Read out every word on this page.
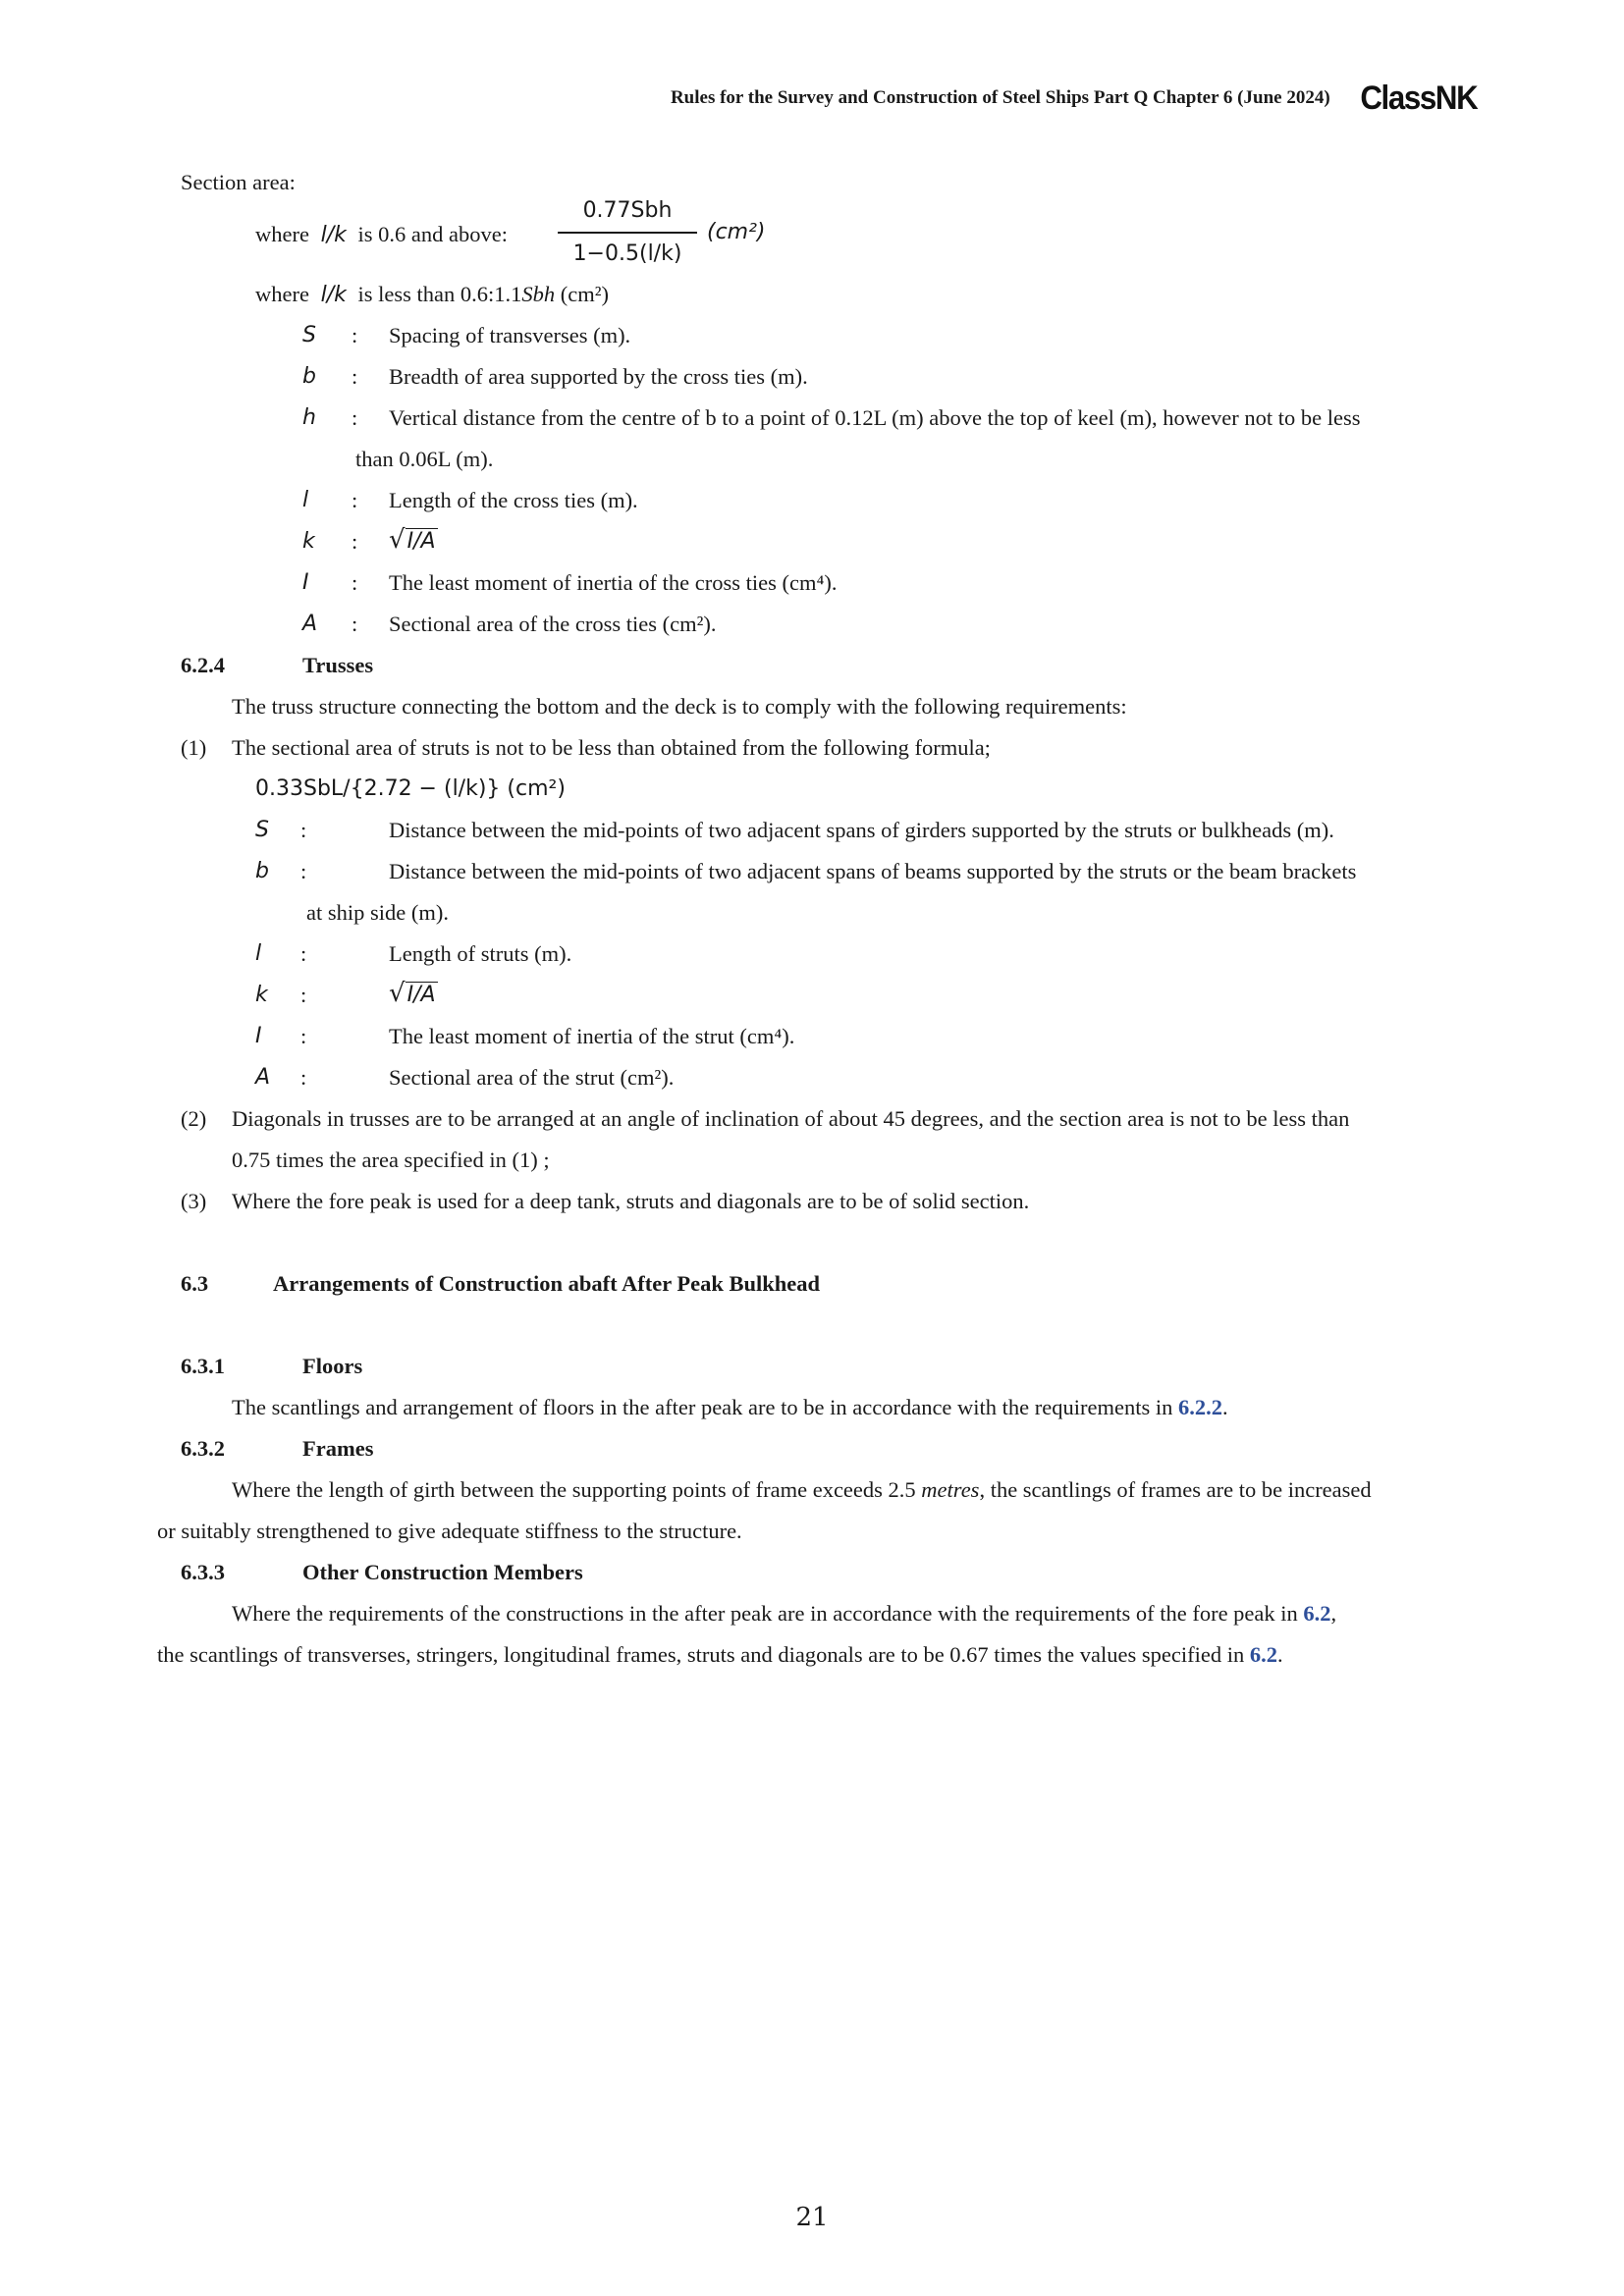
Rules for the Survey and Construction of Steel Ships Part Q Chapter 6 (June 2024) ClassNK
Section area:
where l/k is 0.6 and above:
0.77Sbh
1−0.5(l/k)
(cm²)
where l/k is less than 0.6:1.1Sbh (cm²)
S : Spacing of transverses (m).
b : Breadth of area supported by the cross ties (m).
h : Vertical distance from the centre of b to a point of 0.12L (m) above the top of keel (m), however not to be less
than 0.06L (m).
l : Length of the cross ties (m).
k : √I/A
I : The least moment of inertia of the cross ties (cm⁴).
A : Sectional area of the cross ties (cm²).
6.2.4	Trusses
The truss structure connecting the bottom and the deck is to comply with the following requirements:
(1) The sectional area of struts is not to be less than obtained from the following formula;
0.33SbL/{2.72 − (l/k)} (cm²)
S :	Distance between the mid-points of two adjacent spans of girders supported by the struts or bulkheads (m).
b :	Distance between the mid-points of two adjacent spans of beams supported by the struts or the beam brackets
at ship side (m).
l :	Length of struts (m).
k :	√I/A
I :	The least moment of inertia of the strut (cm⁴).
A :	Sectional area of the strut (cm²).
(2) Diagonals in trusses are to be arranged at an angle of inclination of about 45 degrees, and the section area is not to be less than
0.75 times the area specified in (1) ;
(3) Where the fore peak is used for a deep tank, struts and diagonals are to be of solid section.
6.3	Arrangements of Construction abaft After Peak Bulkhead
6.3.1	Floors
The scantlings and arrangement of floors in the after peak are to be in accordance with the requirements in 6.2.2.
6.3.2	Frames
Where the length of girth between the supporting points of frame exceeds 2.5 metres, the scantlings of frames are to be increased
or suitably strengthened to give adequate stiffness to the structure.
6.3.3	Other Construction Members
Where the requirements of the constructions in the after peak are in accordance with the requirements of the fore peak in 6.2,
the scantlings of transverses, stringers, longitudinal frames, struts and diagonals are to be 0.67 times the values specified in 6.2.
21
